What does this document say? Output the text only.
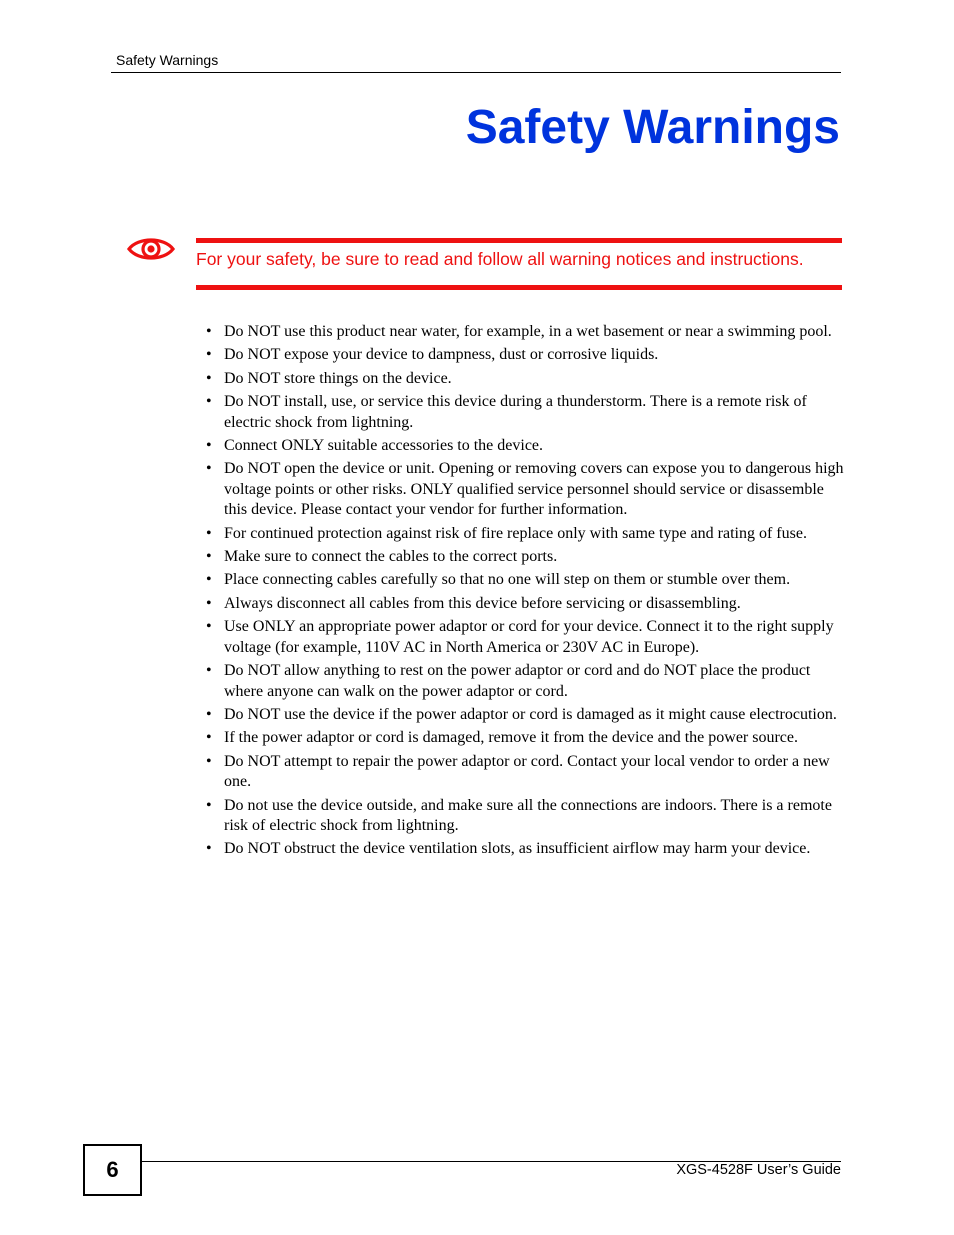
Safety Warnings
Safety Warnings
For your safety, be sure to read and follow all warning notices and instructions.
• Do NOT use this product near water, for example, in a wet basement or near a swimming pool.
• Do NOT expose your device to dampness, dust or corrosive liquids.
• Do NOT store things on the device.
• Do NOT install, use, or service this device during a thunderstorm. There is a remote risk of electric shock from lightning.
• Connect ONLY suitable accessories to the device.
• Do NOT open the device or unit. Opening or removing covers can expose you to dangerous high voltage points or other risks. ONLY qualified service personnel should service or disassemble this device. Please contact your vendor for further information.
• For continued protection against risk of fire replace only with same type and rating of fuse.
• Make sure to connect the cables to the correct ports.
• Place connecting cables carefully so that no one will step on them or stumble over them.
• Always disconnect all cables from this device before servicing or disassembling.
• Use ONLY an appropriate power adaptor or cord for your device. Connect it to the right supply voltage (for example, 110V AC in North America or 230V AC in Europe).
• Do NOT allow anything to rest on the power adaptor or cord and do NOT place the product where anyone can walk on the power adaptor or cord.
• Do NOT use the device if the power adaptor or cord is damaged as it might cause electrocution.
• If the power adaptor or cord is damaged, remove it from the device and the power source.
• Do NOT attempt to repair the power adaptor or cord. Contact your local vendor to order a new one.
• Do not use the device outside, and make sure all the connections are indoors. There is a remote risk of electric shock from lightning.
• Do NOT obstruct the device ventilation slots, as insufficient airflow may harm your device.
6	XGS-4528F User’s Guide
